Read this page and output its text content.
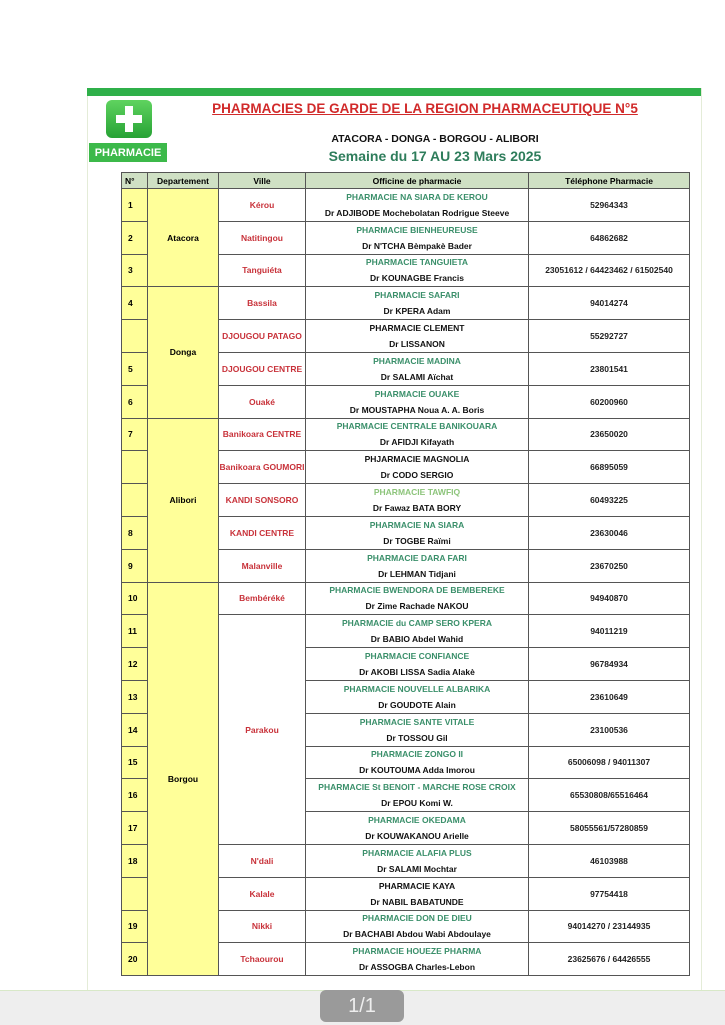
PHARMACIE
PHARMACIES DE GARDE DE LA REGION PHARMACEUTIQUE N°5
ATACORA - DONGA - BORGOU - ALIBORI
Semaine du 17 AU 23 Mars 2025
N°	Departement	Ville	Officine de pharmacie	Téléphone Pharmacie
1	Atacora	Kérou	PHARMACIE NA SIARA DE KEROU
Dr ADJIBODE Mochebolatan Rodrigue Steeve	52964343
2		Natitingou	PHARMACIE BIENHEUREUSE
Dr N'TCHA Bèmpakè Bader	64862682
3		Tanguiéta	PHARMACIE TANGUIETA
Dr KOUNAGBE Francis	23051612 / 64423462 / 61502540
4	Donga	Bassila	PHARMACIE SAFARI
Dr KPERA Adam	94014274
		DJOUGOU PATAGO	PHARMACIE CLEMENT
Dr LISSANON	55292727
5		DJOUGOU CENTRE	PHARMACIE MADINA
Dr SALAMI Aïchat	23801541
6		Ouaké	PHARMACIE OUAKE
Dr MOUSTAPHA Noua A. A. Boris	60200960
7	Alibori	Banikoara CENTRE	PHARMACIE CENTRALE BANIKOUARA
Dr AFIDJI Kifayath	23650020
		Banikoara GOUMORI	PHJARMACIE MAGNOLIA
Dr CODO SERGIO	66895059
		KANDI SONSORO	PHARMACIE TAWFIQ
Dr Fawaz BATA BORY	60493225
8		KANDI CENTRE	PHARMACIE NA SIARA
Dr TOGBE Raïmi	23630046
9		Malanville	PHARMACIE DARA FARI
Dr LEHMAN Tidjani	23670250
10	Borgou	Bembéréké	PHARMACIE BWENDORA DE BEMBEREKE
Dr Zime Rachade NAKOU	94940870
11		Parakou	PHARMACIE du CAMP SERO KPERA
Dr BABIO Abdel Wahid	94011219
12			PHARMACIE CONFIANCE
Dr AKOBI LISSA Sadia Alakè	96784934
13			PHARMACIE NOUVELLE ALBARIKA
Dr GOUDOTE Alain	23610649
14			PHARMACIE SANTE VITALE
Dr TOSSOU Gil	23100536
15			PHARMACIE ZONGO II
Dr KOUTOUMA Adda Imorou	65006098 / 94011307
16			PHARMACIE St BENOIT - MARCHE ROSE CROIX
Dr EPOU Komi W.	65530808/65516464
17			PHARMACIE OKEDAMA
Dr KOUWAKANOU Arielle	58055561/57280859
18		N'dali	PHARMACIE ALAFIA PLUS
Dr SALAMI Mochtar	46103988
		Kalale	PHARMACIE KAYA
Dr NABIL BABATUNDE	97754418
19		Nikki	PHARMACIE DON DE DIEU
Dr BACHABI Abdou Wabi Abdoulaye	94014270 / 23144935
20		Tchaourou	PHARMACIE HOUEZE PHARMA
Dr ASSOGBA Charles-Lebon	23625676 / 64426555
1/1
